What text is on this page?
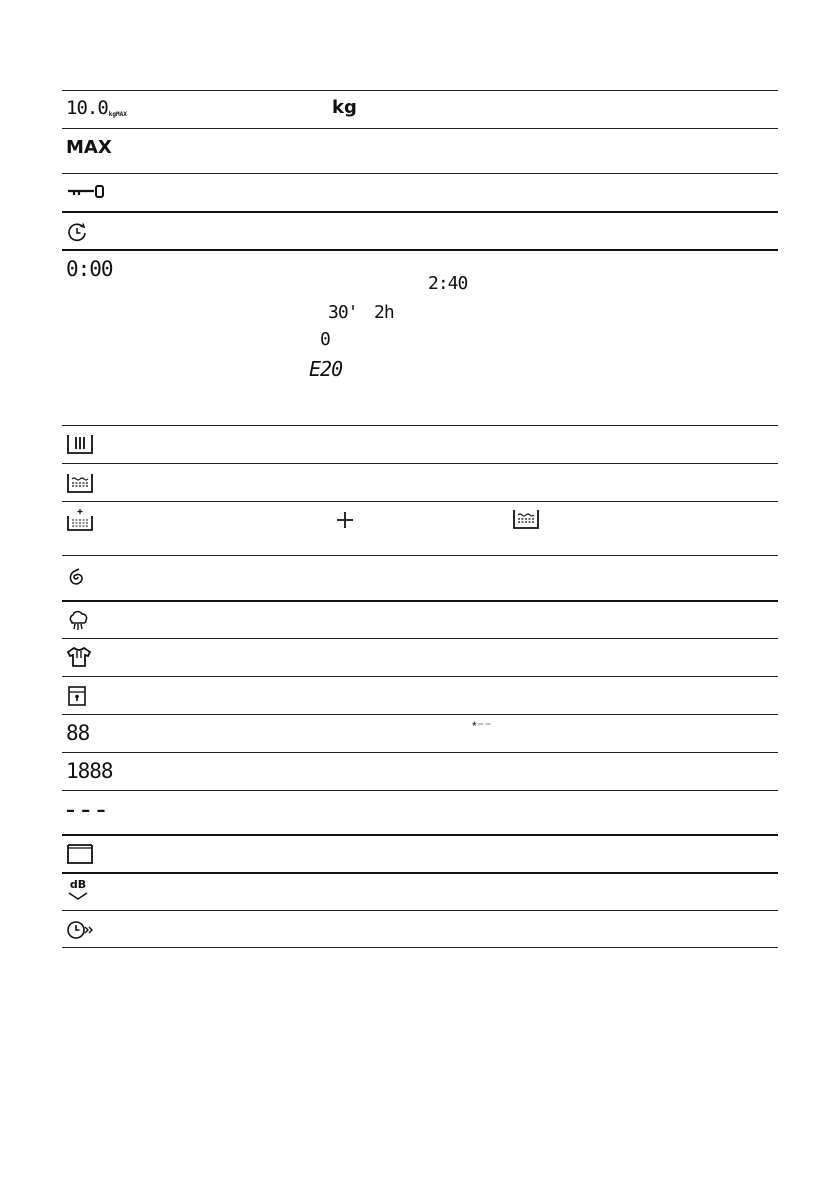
10.0kgMAX	kg
MAX
0:00
2:40
30' 2h
0
E20
88	*⁻⁻
1888
– – –
dB
